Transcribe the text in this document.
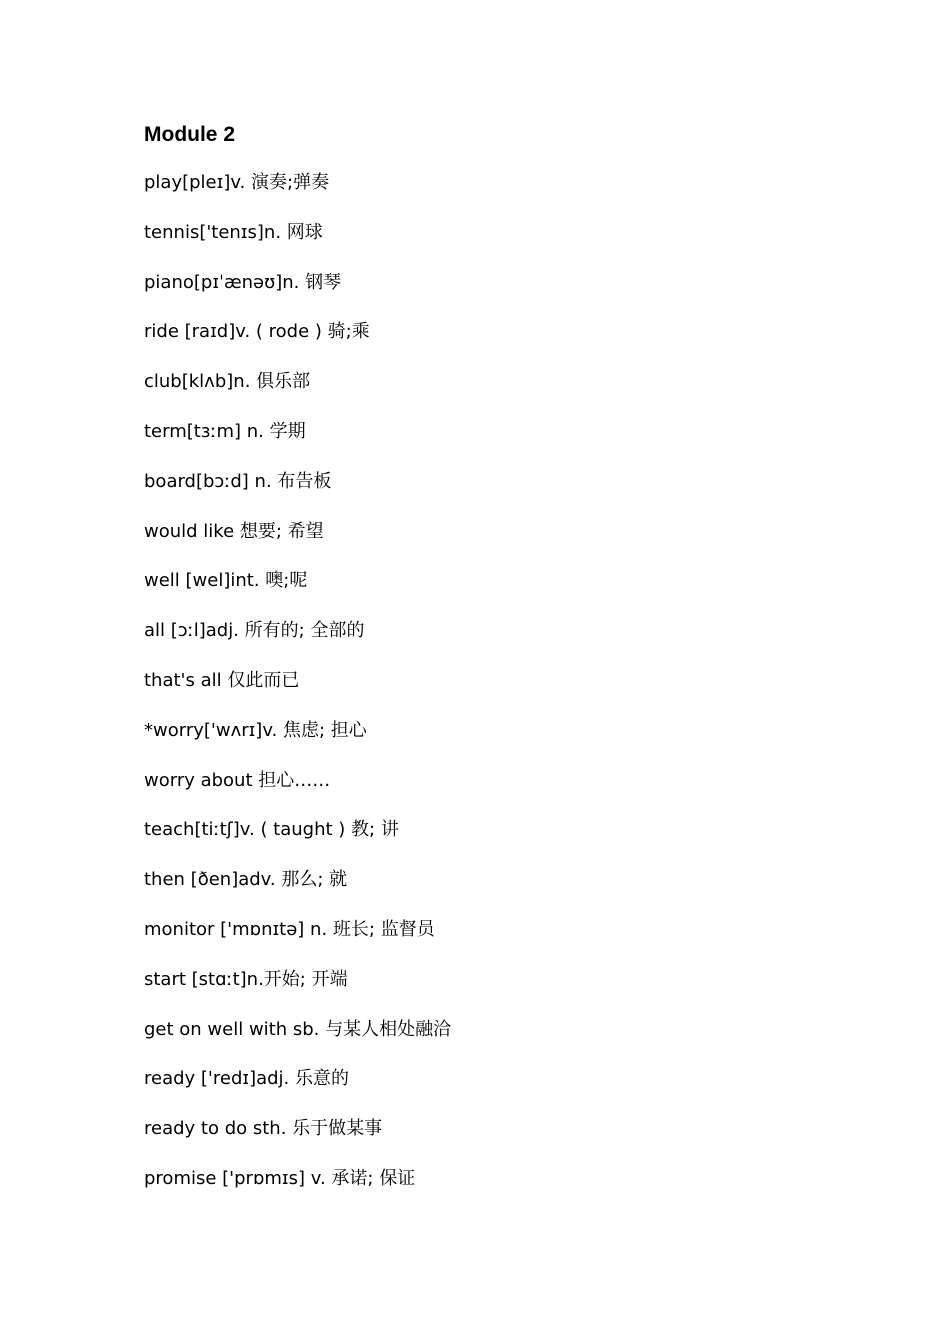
Module 2
play[pleɪ]v. 演奏;弹奏
tennis['tenɪs]n. 网球
piano[pɪˈænəʊ]n. 钢琴
ride [raɪd]v. ( rode ) 骑;乘
club[klʌb]n. 俱乐部
term[tɜːm] n. 学期
board[bɔːd] n. 布告板
would like 想要; 希望
well [wel]int. 噢;呢
all [ɔːl]adj. 所有的; 全部的
that's all 仅此而已
*worry['wʌrɪ]v. 焦虑; 担心
worry about 担心……
teach[tiːtʃ]v. ( taught ) 教; 讲
then [ðen]adv. 那么; 就
monitor ['mɒnɪtə] n. 班长; 监督员
start [stɑːt]n.开始; 开端
get on well with sb. 与某人相处融洽
ready ['redɪ]adj. 乐意的
ready to do sth. 乐于做某事
promise ['prɒmɪs] v. 承诺; 保证
